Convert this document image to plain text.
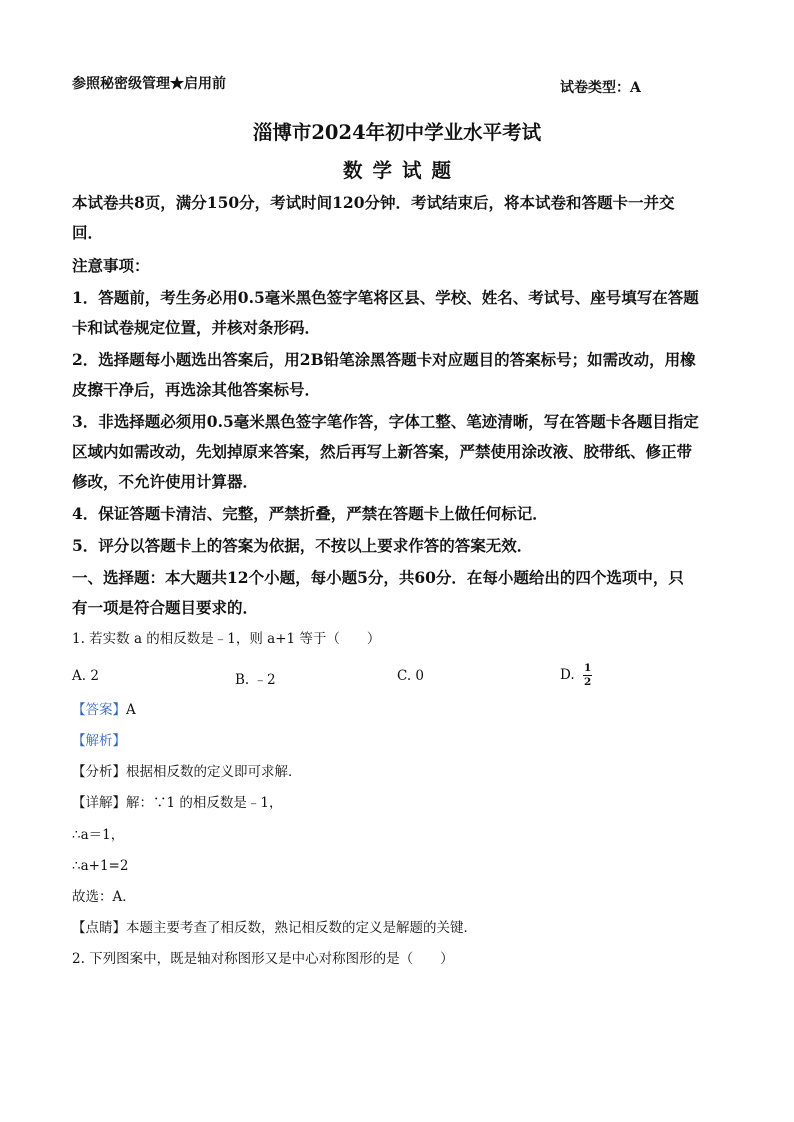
参照秘密级管理★启用前	试卷类型：A
淄博市2024年初中学业水平考试
数学试题
本试卷共8页，满分150分，考试时间120分钟．考试结束后，将本试卷和答题卡一并交
回．
注意事项：
1．答题前，考生务必用0.5毫米黑色签字笔将区县、学校、姓名、考试号、座号填写在答题
卡和试卷规定位置，并核对条形码．
2．选择题每小题选出答案后，用2B铅笔涂黑答题卡对应题目的答案标号；如需改动，用橡
皮擦干净后，再选涂其他答案标号．
3．非选择题必须用0.5毫米黑色签字笔作答，字体工整、笔迹清晰，写在答题卡各题目指定
区域内如需改动，先划掉原来答案，然后再写上新答案，严禁使用涂改液、胶带纸、修正带
修改，不允许使用计算器．
4．保证答题卡清洁、完整，严禁折叠，严禁在答题卡上做任何标记．
5．评分以答题卡上的答案为依据，不按以上要求作答的答案无效．
一、选择题：本大题共12个小题，每小题5分，共60分．在每小题给出的四个选项中，只
有一项是符合题目要求的．
1. 若实数 a 的相反数是﹣1，则 a+1 等于（　　）
A. 2	B. ﹣2	C. 0	D. $\frac{1}{2}$
【答案】A
【解析】
【分析】根据相反数的定义即可求解．
【详解】解：∵1 的相反数是﹣1，
∴a＝1，
∴a+1=2
故选：A．
【点睛】本题主要考查了相反数，熟记相反数的定义是解题的关键．
2. 下列图案中，既是轴对称图形又是中心对称图形的是（　　）
